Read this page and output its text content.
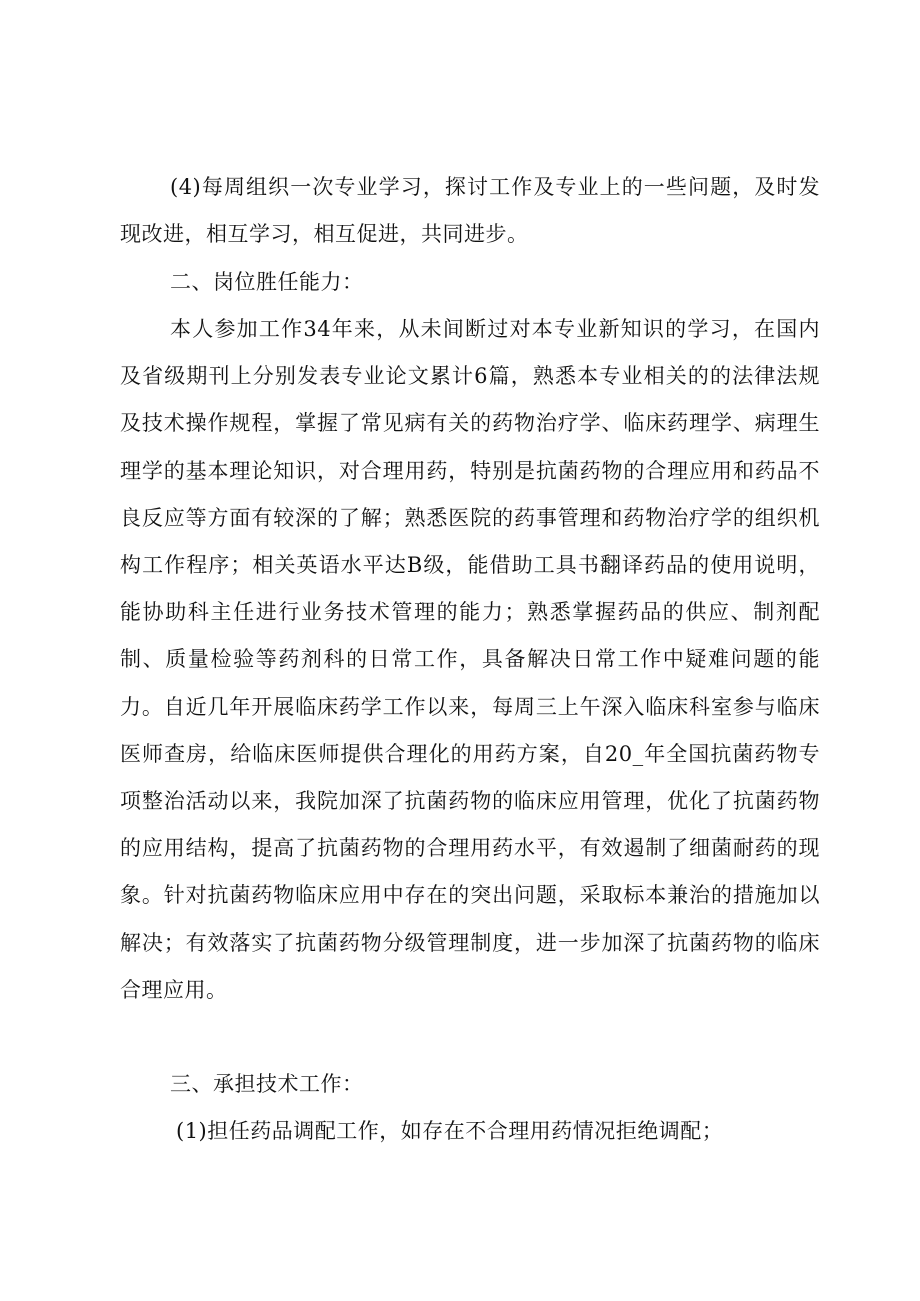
(4)每周组织一次专业学习，探讨工作及专业上的一些问题，及时发现改进，相互学习，相互促进，共同进步。

二、岗位胜任能力：

本人参加工作34年来，从未间断过对本专业新知识的学习，在国内及省级期刊上分别发表专业论文累计6篇，熟悉本专业相关的的法律法规及技术操作规程，掌握了常见病有关的药物治疗学、临床药理学、病理生理学的基本理论知识，对合理用药，特别是抗菌药物的合理应用和药品不良反应等方面有较深的了解；熟悉医院的药事管理和药物治疗学的组织机构工作程序；相关英语水平达B级，能借助工具书翻译药品的使用说明，能协助科主任进行业务技术管理的能力；熟悉掌握药品的供应、制剂配制、质量检验等药剂科的日常工作，具备解决日常工作中疑难问题的能力。自近几年开展临床药学工作以来，每周三上午深入临床科室参与临床医师查房，给临床医师提供合理化的用药方案，自20_年全国抗菌药物专项整治活动以来，我院加深了抗菌药物的临床应用管理，优化了抗菌药物的应用结构，提高了抗菌药物的合理用药水平，有效遏制了细菌耐药的现象。针对抗菌药物临床应用中存在的突出问题，采取标本兼治的措施加以解决；有效落实了抗菌药物分级管理制度，进一步加深了抗菌药物的临床合理应用。

三、承担技术工作：
(1)担任药品调配工作，如存在不合理用药情况拒绝调配；
